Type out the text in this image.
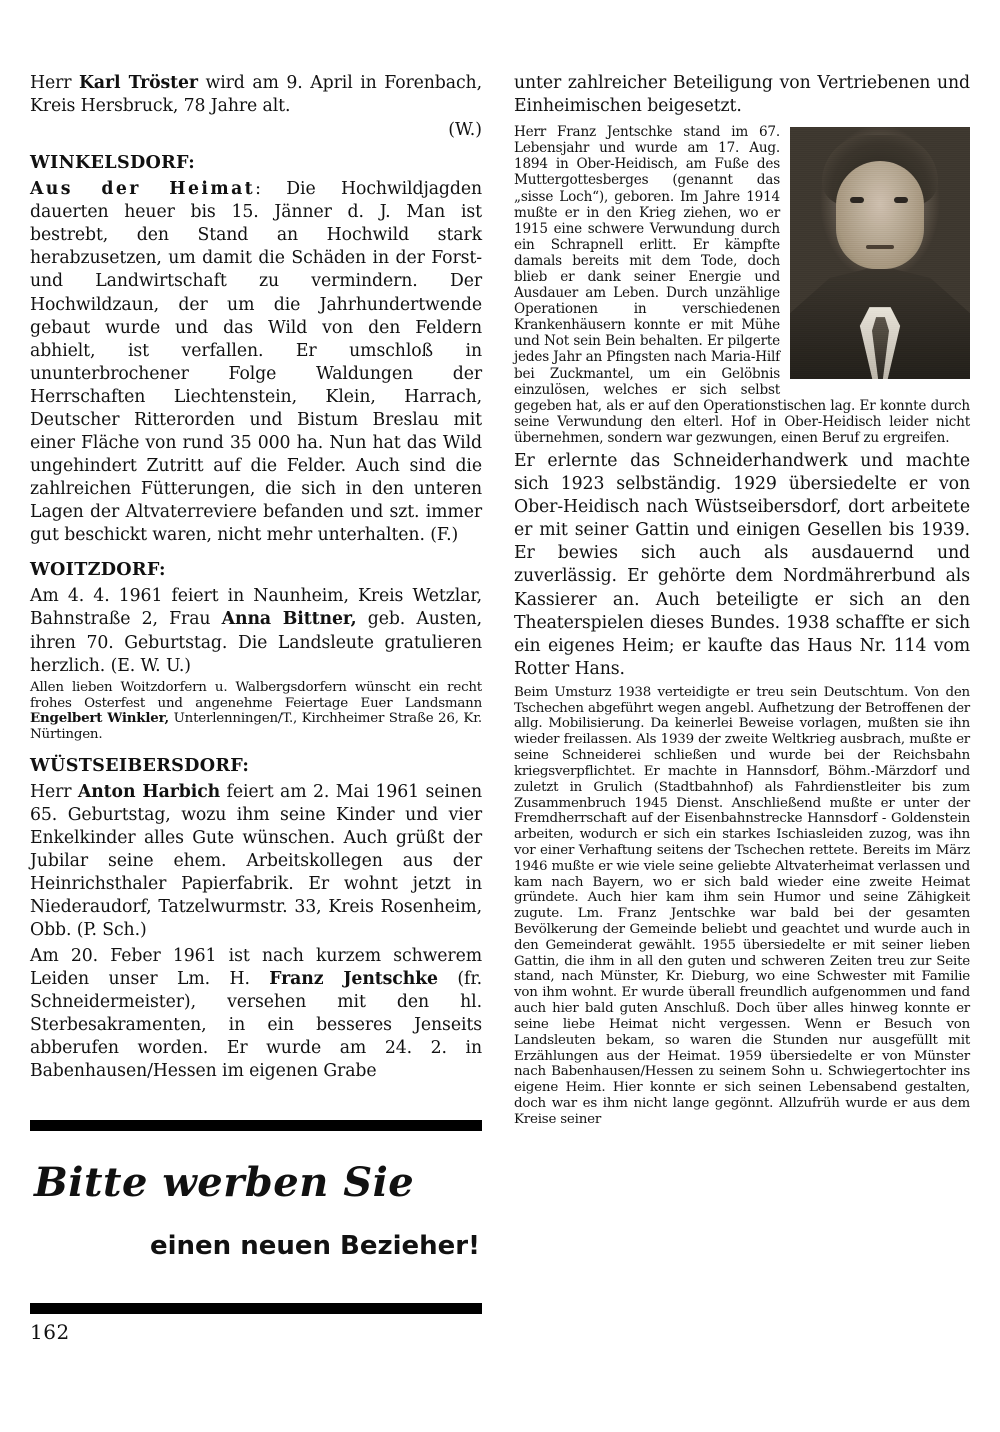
Herr Karl Tröster wird am 9. April in Forenbach, Kreis Hersbruck, 78 Jahre alt.

(W.)

WINKELSDORF:

Aus der Heimat: Die Hochwildjagden dauerten heuer bis 15. Jänner d. J. Man ist bestrebt, den Stand an Hochwild stark herabzusetzen, um damit die Schäden in der Forst- und Landwirtschaft zu vermindern. Der Hochwildzaun, der um die Jahrhundertwende gebaut wurde und das Wild von den Feldern abhielt, ist verfallen. Er umschloß in ununterbrochener Folge Waldungen der Herrschaften Liechtenstein, Klein, Harrach, Deutscher Ritterorden und Bistum Breslau mit einer Fläche von rund 35 000 ha. Nun hat das Wild ungehindert Zutritt auf die Felder. Auch sind die zahlreichen Fütterungen, die sich in den unteren Lagen der Altvaterreviere befanden und szt. immer gut beschickt waren, nicht mehr unterhalten. (F.)

WOITZDORF:

Am 4. 4. 1961 feiert in Naunheim, Kreis Wetzlar, Bahnstraße 2, Frau Anna Bittner, geb. Austen, ihren 70. Geburtstag. Die Landsleute gratulieren herzlich. (E. W. U.)

Allen lieben Woitzdorfern u. Walbergsdorfern wünscht ein recht frohes Osterfest und angenehme Feiertage Euer Landsmann Engelbert Winkler, Unterlenningen/T., Kirchheimer Straße 26, Kr. Nürtingen.

WÜSTSEIBERSDORF:

Herr Anton Harbich feiert am 2. Mai 1961 seinen 65. Geburtstag, wozu ihm seine Kinder und vier Enkelkinder alles Gute wünschen. Auch grüßt der Jubilar seine ehem. Arbeitskollegen aus der Heinrichsthaler Papierfabrik. Er wohnt jetzt in Niederaudorf, Tatzelwurmstr. 33, Kreis Rosenheim, Obb. (P. Sch.)

Am 20. Feber 1961 ist nach kurzem schwerem Leiden unser Lm. H. Franz Jentschke (fr. Schneidermeister), versehen mit den hl. Sterbesakramenten, in ein besseres Jenseits abberufen worden. Er wurde am 24. 2. in Babenhausen/Hessen im eigenen Grabe

unter zahlreicher Beteiligung von Vertriebenen und Einheimischen beigesetzt.

Herr Franz Jentschke stand im 67. Lebensjahr und wurde am 17. Aug. 1894 in Ober-Heidisch, am Fuße des Muttergottesberges (genannt das „sisse Loch“), geboren. Im Jahre 1914 mußte er in den Krieg ziehen, wo er 1915 eine schwere Verwundung durch ein Schrapnell erlitt. Er kämpfte damals bereits mit dem Tode, doch blieb er dank seiner Energie und Ausdauer am Leben. Durch unzählige Operationen in verschiedenen Krankenhäusern konnte er mit Mühe und Not sein Bein behalten. Er pilgerte jedes Jahr an Pfingsten nach Maria-Hilf bei Zuckmantel, um ein Gelöbnis einzulösen, welches er sich selbst gegeben hat, als er auf den Operationstischen lag. Er konnte durch seine Verwundung den elterl. Hof in Ober-Heidisch leider nicht übernehmen, sondern war gezwungen, einen Beruf zu ergreifen.

Er erlernte das Schneiderhandwerk und machte sich 1923 selbständig. 1929 übersiedelte er von Ober-Heidisch nach Wüstseibersdorf, dort arbeitete er mit seiner Gattin und einigen Gesellen bis 1939. Er bewies sich auch als ausdauernd und zuverlässig. Er gehörte dem Nordmährerbund als Kassierer an. Auch beteiligte er sich an den Theaterspielen dieses Bundes. 1938 schaffte er sich ein eigenes Heim; er kaufte das Haus Nr. 114 vom Rotter Hans.

Beim Umsturz 1938 verteidigte er treu sein Deutschtum. Von den Tschechen abgeführt wegen angebl. Aufhetzung der Betroffenen der allg. Mobilisierung. Da keinerlei Beweise vorlagen, mußten sie ihn wieder freilassen. Als 1939 der zweite Weltkrieg ausbrach, mußte er seine Schneiderei schließen und wurde bei der Reichsbahn kriegsverpflichtet. Er machte in Hannsdorf, Böhm.-Märzdorf und zuletzt in Grulich (Stadtbahnhof) als Fahrdienstleiter bis zum Zusammenbruch 1945 Dienst. Anschließend mußte er unter der Fremdherrschaft auf der Eisenbahnstrecke Hannsdorf - Goldenstein arbeiten, wodurch er sich ein starkes Ischiasleiden zuzog, was ihn vor einer Verhaftung seitens der Tschechen rettete. Bereits im März 1946 mußte er wie viele seine geliebte Altvaterheimat verlassen und kam nach Bayern, wo er sich bald wieder eine zweite Heimat gründete. Auch hier kam ihm sein Humor und seine Zähigkeit zugute. Lm. Franz Jentschke war bald bei der gesamten Bevölkerung der Gemeinde beliebt und geachtet und wurde auch in den Gemeinderat gewählt. 1955 übersiedelte er mit seiner lieben Gattin, die ihm in all den guten und schweren Zeiten treu zur Seite stand, nach Münster, Kr. Dieburg, wo eine Schwester mit Familie von ihm wohnt. Er wurde überall freundlich aufgenommen und fand auch hier bald guten Anschluß. Doch über alles hinweg konnte er seine liebe Heimat nicht vergessen. Wenn er Besuch von Landsleuten bekam, so waren die Stunden nur ausgefüllt mit Erzählungen aus der Heimat. 1959 übersiedelte er von Münster nach Babenhausen/Hessen zu seinem Sohn u. Schwiegertochter ins eigene Heim. Hier konnte er sich seinen Lebensabend gestalten, doch war es ihm nicht lange gegönnt. Allzufrüh wurde er aus dem Kreise seiner

Bitte werben Sie
einen neuen Bezieher!
162
